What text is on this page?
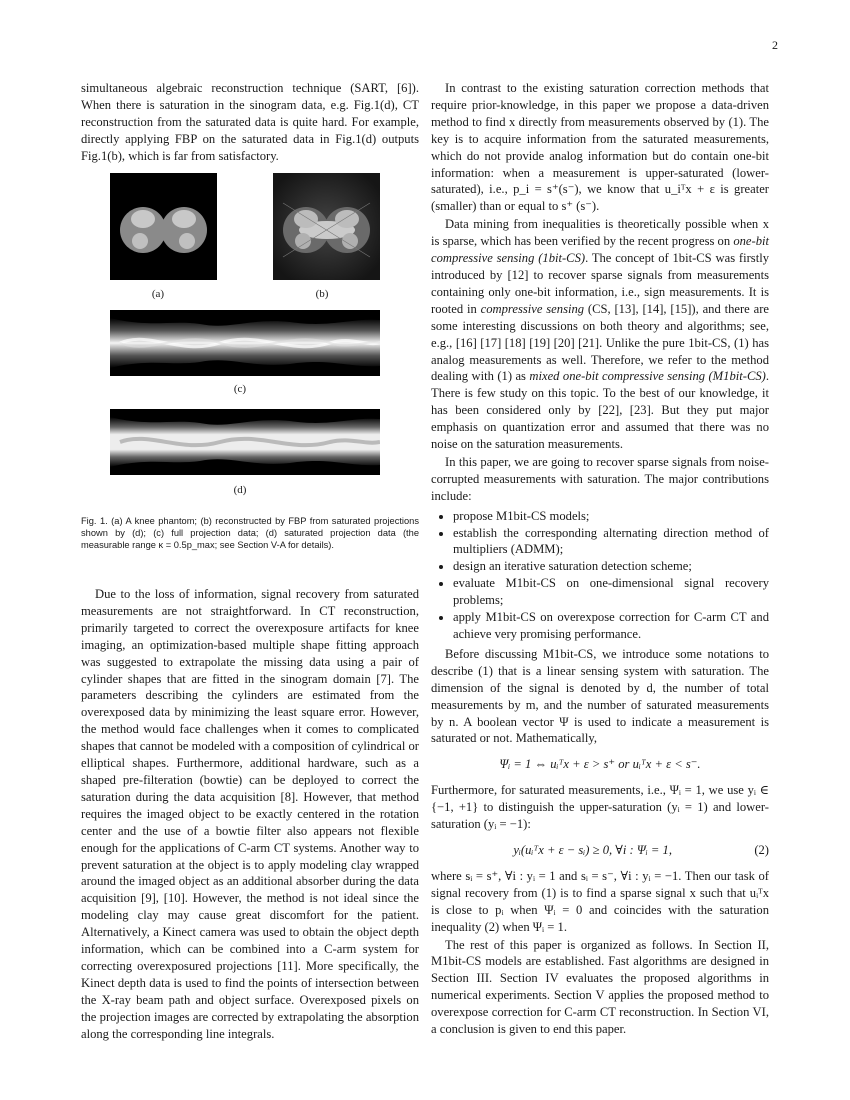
2

simultaneous algebraic reconstruction technique (SART, [6]). When there is saturation in the sinogram data, e.g. Fig.1(d), CT reconstruction from the saturated data is quite hard. For example, directly applying FBP on the saturated data in Fig.1(d) outputs Fig.1(b), which is far from satisfactory.

(a)	(b)
(c)
(d)
Fig. 1. (a) A knee phantom; (b) reconstructed by FBP from saturated projections shown by (d); (c) full projection data; (d) saturated projection data (the measurable range κ = 0.5p_max; see Section V-A for details).

Due to the loss of information, signal recovery from saturated measurements are not straightforward. In CT reconstruction, primarily targeted to correct the overexposure artifacts for knee imaging, an optimization-based multiple shape fitting approach was suggested to extrapolate the missing data using a pair of cylinder shapes that are fitted in the sinogram domain [7]. The parameters describing the cylinders are estimated from the overexposed data by minimizing the least square error. However, the method would face challenges when it comes to complicated shapes that cannot be modeled with a composition of cylindrical or elliptical shapes. Furthermore, additional hardware, such as a shaped pre-filteration (bowtie) can be deployed to correct the saturation during the data acquisition [8]. However, that method requires the imaged object to be exactly centered in the rotation center and the use of a bowtie filter also appears not flexible enough for the applications of C-arm CT systems. Another way to prevent saturation at the object is to apply modeling clay wrapped around the imaged object as an additional absorber during the data acquisition [9], [10]. However, the method is not ideal since the modeling clay may cause great discomfort for the patient. Alternatively, a Kinect camera was used to obtain the object depth information, which can be combined into a C-arm system for correcting overexposured projections [11]. More specifically, the Kinect depth data is used to find the points of intersection between the X-ray beam path and object surface. Overexposed pixels on the projection images are corrected by extrapolating the absorption along the corresponding line integrals.

In contrast to the existing saturation correction methods that require prior-knowledge, in this paper we propose a data-driven method to find x directly from measurements observed by (1). The key is to acquire information from the saturated measurements, which do not provide analog information but do contain one-bit information: when a measurement is upper-saturated (lower-saturated), i.e., p_i = s⁺(s⁻), we know that u_iᵀx + ε is greater (smaller) than or equal to s⁺ (s⁻).

Data mining from inequalities is theoretically possible when x is sparse, which has been verified by the recent progress on one-bit compressive sensing (1bit-CS). The concept of 1bit-CS was firstly introduced by [12] to recover sparse signals from measurements containing only one-bit information, i.e., sign measurements. It is rooted in compressive sensing (CS, [13], [14], [15]), and there are some interesting discussions on both theory and algorithms; see, e.g., [16] [17] [18] [19] [20] [21]. Unlike the pure 1bit-CS, (1) has analog measurements as well. Therefore, we refer to the method dealing with (1) as mixed one-bit compressive sensing (M1bit-CS). There is few study on this topic. To the best of our knowledge, it has been considered only by [22], [23]. But they put major emphasis on quantization error and assumed that there was no noise on the saturation measurements.

In this paper, we are going to recover sparse signals from noise-corrupted measurements with saturation. The major contributions include:

• propose M1bit-CS models;
• establish the corresponding alternating direction method of multipliers (ADMM);
• design an iterative saturation detection scheme;
• evaluate M1bit-CS on one-dimensional signal recovery problems;
• apply M1bit-CS on overexpose correction for C-arm CT and achieve very promising performance.

Before discussing M1bit-CS, we introduce some notations to describe (1) that is a linear sensing system with saturation. The dimension of the signal is denoted by d, the number of total measurements by m, and the number of saturated measurements by n. A boolean vector Ψ is used to indicate a measurement is saturated or not. Mathematically,

Ψᵢ = 1 ⇔ uᵢᵀx + ε > s⁺ or uᵢᵀx + ε < s⁻.

Furthermore, for saturated measurements, i.e., Ψᵢ = 1, we use yᵢ ∈ {−1, +1} to distinguish the upper-saturation (yᵢ = 1) and lower-saturation (yᵢ = −1):

(2)
yᵢ(uᵢᵀx + ε − sᵢ) ≥ 0, ∀i : Ψᵢ = 1,

where sᵢ = s⁺, ∀i : yᵢ = 1 and sᵢ = s⁻, ∀i : yᵢ = −1. Then our task of signal recovery from (1) is to find a sparse signal x such that uᵢᵀx is close to pᵢ when Ψᵢ = 0 and coincides with the saturation inequality (2) when Ψᵢ = 1.

The rest of this paper is organized as follows. In Section II, M1bit-CS models are established. Fast algorithms are designed in Section III. Section IV evaluates the proposed algorithms in numerical experiments. Section V applies the proposed method to overexpose correction for C-arm CT reconstruction. In Section VI, a conclusion is given to end this paper.
